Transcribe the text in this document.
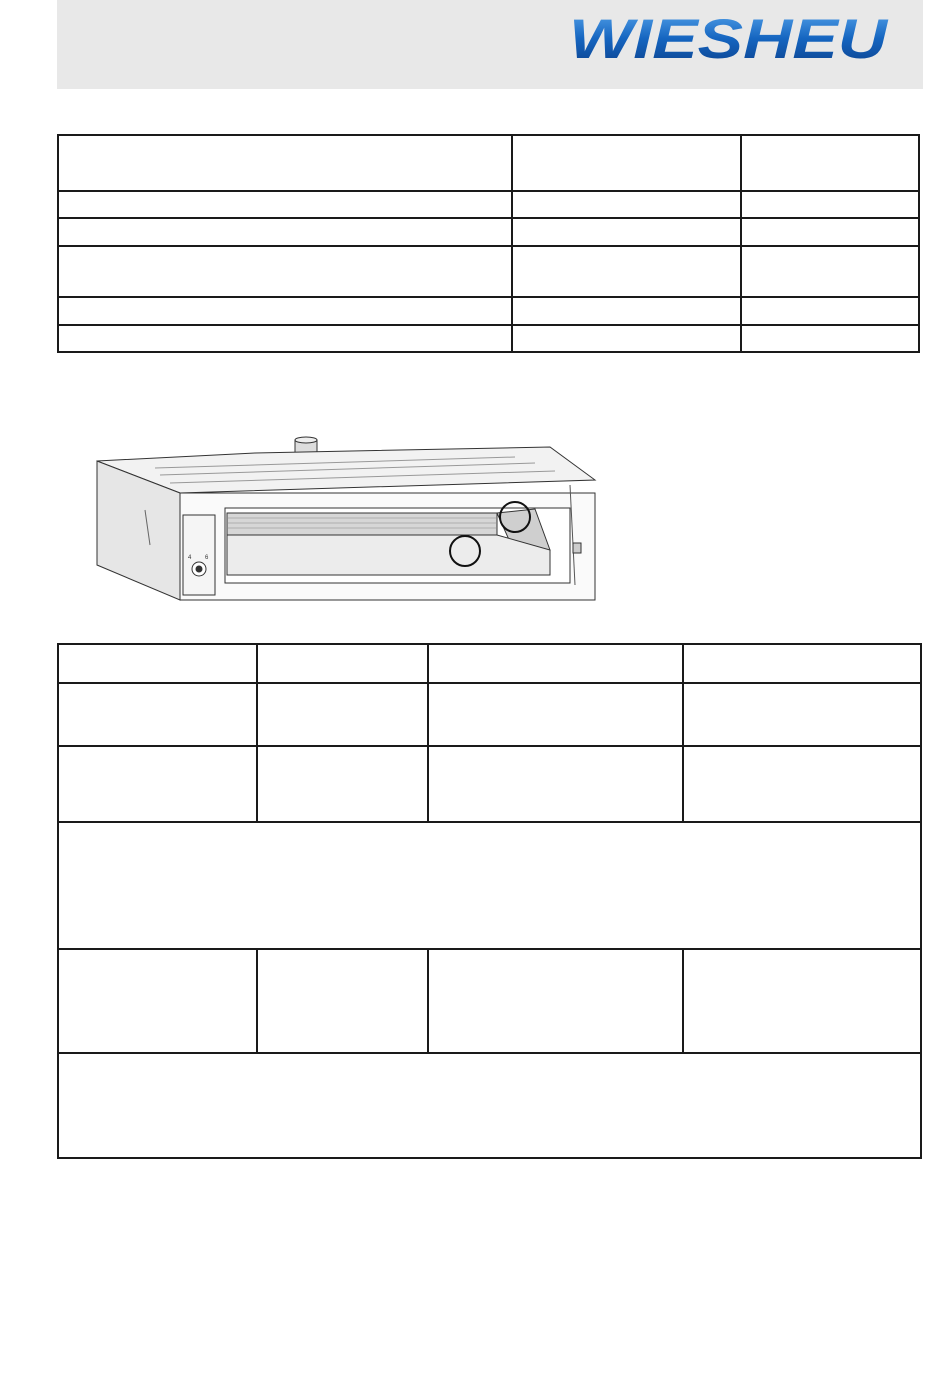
WIESHEU

4 6
